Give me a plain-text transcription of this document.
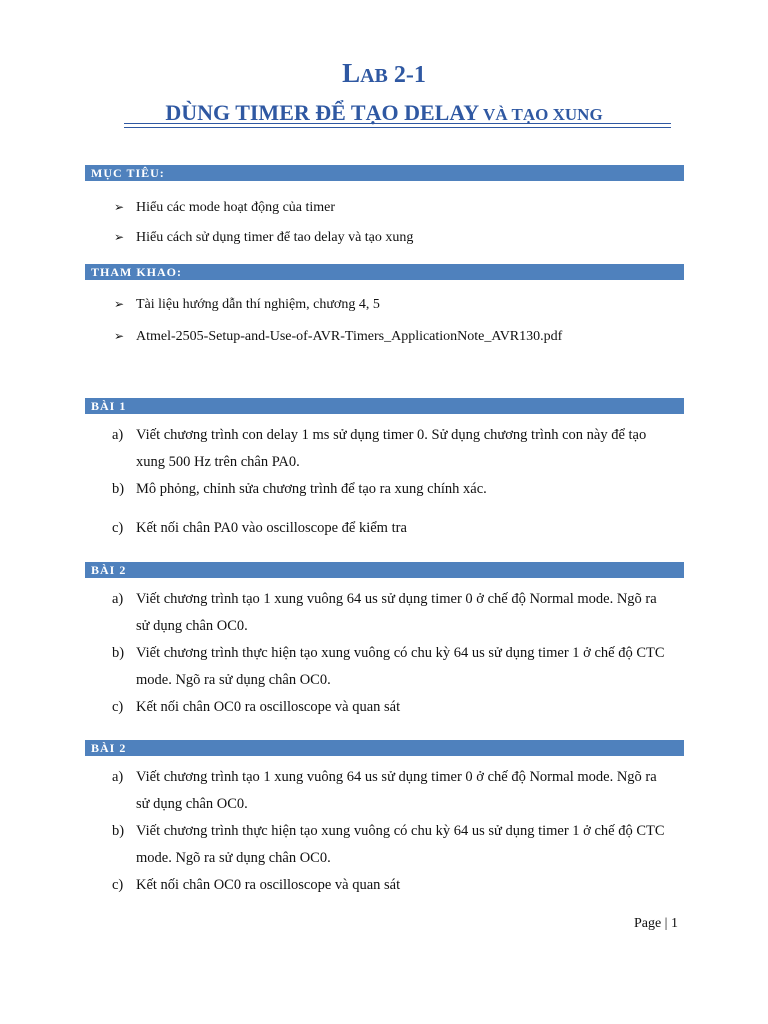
LAB 2-1
DÙNG TIMER ĐỂ TẠO DELAY VÀ TẠO XUNG
MỤC TIÊU:
➢ Hiểu các mode hoạt động của timer
➢ Hiểu cách sử dụng timer để tao delay và tạo xung
THAM KHAO:
➢ Tài liệu hướng dẫn thí nghiệm, chương 4, 5
➢ Atmel-2505-Setup-and-Use-of-AVR-Timers_ApplicationNote_AVR130.pdf
BÀI 1
a) Viết chương trình con delay 1 ms sử dụng timer 0. Sử dụng chương trình con này để tạo
xung 500 Hz trên chân PA0.
b) Mô phỏng, chỉnh sửa chương trình để tạo ra xung chính xác.
c) Kết nối chân PA0 vào oscilloscope để kiểm tra
BÀI 2
a) Viết chương trình tạo 1 xung vuông 64 us sử dụng timer 0 ở chế độ Normal mode. Ngõ ra
sử dụng chân OC0.
b) Viết chương trình thực hiện tạo xung vuông có chu kỳ 64 us sử dụng timer 1 ở chế độ CTC
mode. Ngõ ra sử dụng chân OC0.
c) Kết nối chân OC0 ra oscilloscope và quan sát
BÀI 2
a) Viết chương trình tạo 1 xung vuông 64 us sử dụng timer 0 ở chế độ Normal mode. Ngõ ra
sử dụng chân OC0.
b) Viết chương trình thực hiện tạo xung vuông có chu kỳ 64 us sử dụng timer 1 ở chế độ CTC
mode. Ngõ ra sử dụng chân OC0.
c) Kết nối chân OC0 ra oscilloscope và quan sát
Page | 1
